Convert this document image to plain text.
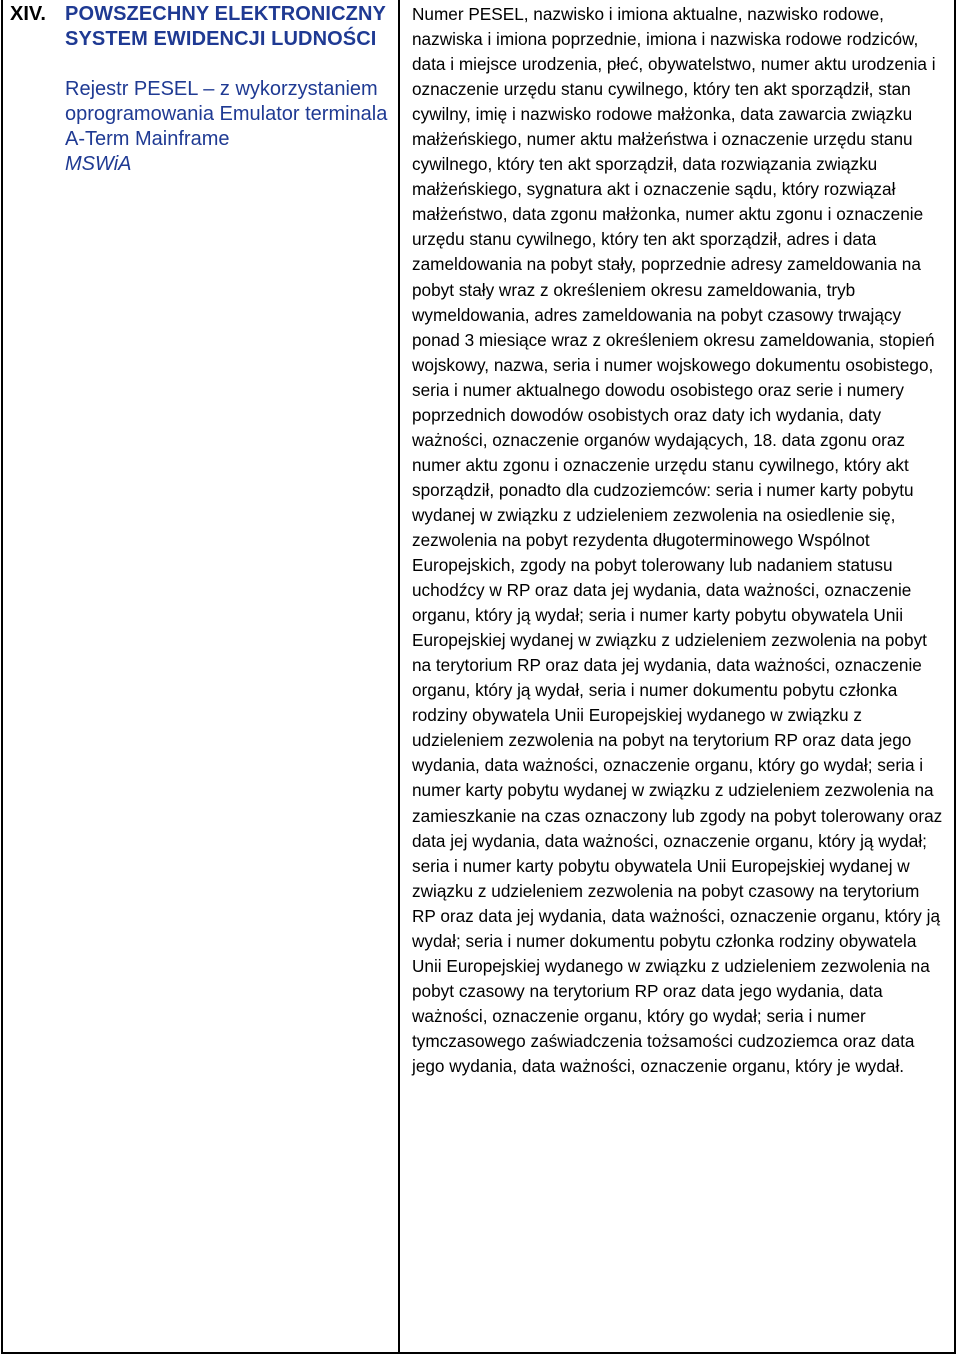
XIV. POWSZECHNY ELEKTRONICZNY SYSTEM EWIDENCJI LUDNOŚCI

Rejestr PESEL – z wykorzystaniem oprogramowania Emulator terminala A-Term Mainframe

MSWiA

Numer PESEL, nazwisko i imiona aktualne, nazwisko rodowe, nazwiska i imiona poprzednie, imiona i nazwiska rodowe rodziców, data i miejsce urodzenia, płeć, obywatelstwo, numer aktu urodzenia i oznaczenie urzędu stanu cywilnego, który ten akt sporządził, stan cywilny, imię i nazwisko rodowe małżonka, data zawarcia związku małżeńskiego, numer aktu małżeństwa i oznaczenie urzędu stanu cywilnego, który ten akt sporządził, data rozwiązania związku małżeńskiego, sygnatura akt i oznaczenie sądu, który rozwiązał małżeństwo, data zgonu małżonka, numer aktu zgonu i oznaczenie urzędu stanu cywilnego, który ten akt sporządził, adres i data zameldowania na pobyt stały, poprzednie adresy zameldowania na pobyt stały wraz z określeniem okresu zameldowania, tryb wymeldowania, adres zameldowania na pobyt czasowy trwający ponad 3 miesiące wraz z określeniem okresu zameldowania, stopień wojskowy, nazwa, seria i numer wojskowego dokumentu osobistego, seria i numer aktualnego dowodu osobistego oraz serie i numery poprzednich dowodów osobistych oraz daty ich wydania, daty ważności, oznaczenie organów wydających, 18. data zgonu oraz numer aktu zgonu i oznaczenie urzędu stanu cywilnego, który akt sporządził, ponadto dla cudzoziemców: seria i numer karty pobytu wydanej w związku z udzieleniem zezwolenia na osiedlenie się, zezwolenia na pobyt rezydenta długoterminowego Wspólnot Europejskich, zgody na pobyt tolerowany lub nadaniem statusu uchodźcy w RP oraz data jej wydania, data ważności, oznaczenie organu, który ją wydał; seria i numer karty pobytu obywatela Unii Europejskiej wydanej w związku z udzieleniem zezwolenia na pobyt na terytorium RP oraz data jej wydania, data ważności, oznaczenie organu, który ją wydał, seria i numer dokumentu pobytu członka rodziny obywatela Unii Europejskiej wydanego w związku z udzieleniem zezwolenia na pobyt na terytorium RP oraz data jego wydania, data ważności, oznaczenie organu, który go wydał; seria i numer karty pobytu wydanej w związku z udzieleniem zezwolenia na zamieszkanie na czas oznaczony lub zgody na pobyt tolerowany oraz data jej wydania, data ważności, oznaczenie organu, który ją wydał; seria i numer karty pobytu obywatela Unii Europejskiej wydanej w związku z udzieleniem zezwolenia na pobyt czasowy na terytorium RP oraz data jej wydania, data ważności, oznaczenie organu, który ją wydał; seria i numer dokumentu pobytu członka rodziny obywatela Unii Europejskiej wydanego w związku z udzieleniem zezwolenia na pobyt czasowy na terytorium RP oraz data jego wydania, data ważności, oznaczenie organu, który go wydał; seria i numer tymczasowego zaświadczenia tożsamości cudzoziemca oraz data jego wydania, data ważności, oznaczenie organu, który je wydał.
